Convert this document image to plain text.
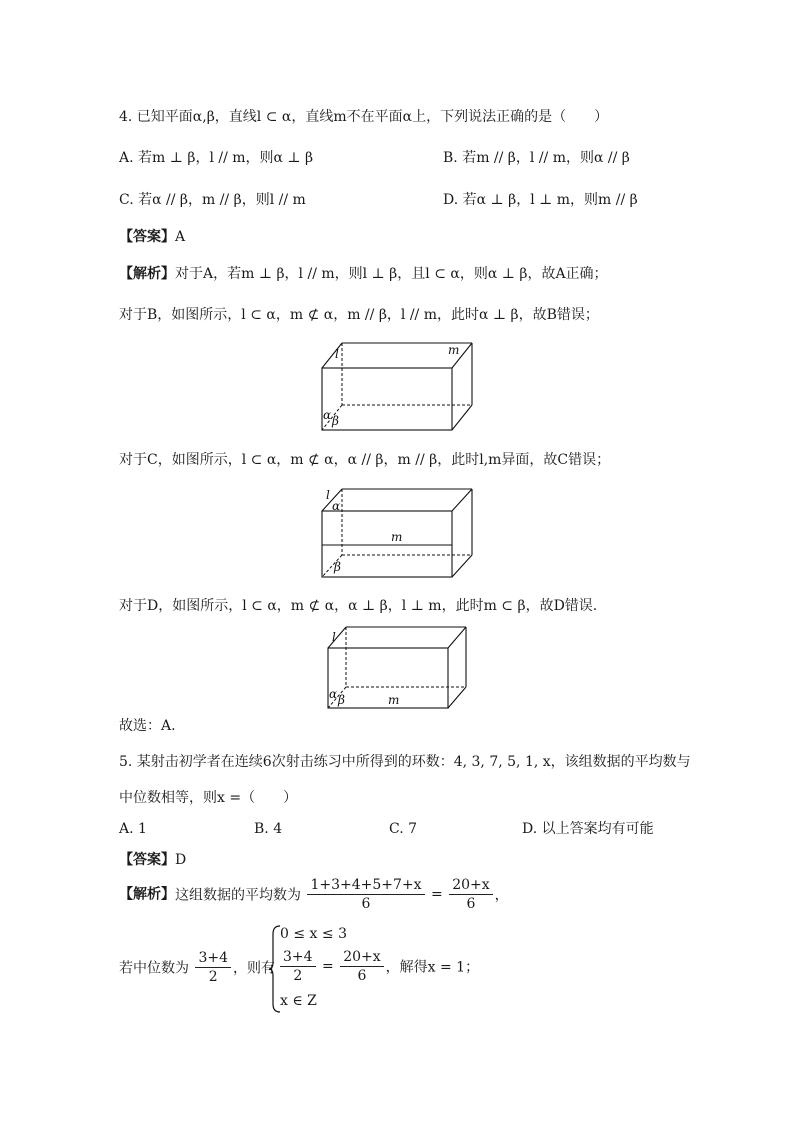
4. 已知平面α,β，直线l ⊂ α，直线m不在平面α上，下列说法正确的是（　　）
A. 若m ⊥ β，l // m，则α ⊥ β	B. 若m // β，l // m，则α // β
C. 若α // β，m // β，则l // m	D. 若α ⊥ β，l ⊥ m，则m // β
【答案】A
【解析】对于A，若m ⊥ β，l // m，则l ⊥ β，且l ⊂ α，则α ⊥ β，故A正确；
对于B，如图所示，l ⊂ α，m ⊄ α，m // β，l // m，此时α ⊥ β，故B错误；
l	m
α β
对于C，如图所示，l ⊂ α，m ⊄ α，α // β，m // β，此时l,m异面，故C错误；
l
α
m
β
对于D，如图所示，l ⊂ α，m ⊄ α，α ⊥ β，l ⊥ m，此时m ⊂ β，故D错误.
l
α β	m
故选：A.
5. 某射击初学者在连续6次射击练习中所得到的环数：4, 3, 7, 5, 1, x，该组数据的平均数与
中位数相等，则x =（　　）
A. 1	B. 4	C. 7	D. 以上答案均有可能
【答案】D
【解析】这组数据的平均数为 $\frac{1+3+4+5+7+x}{6} = \frac{20+x}{6}$ ，
若中位数为 $\frac{3+4}{2}$ ，则有
0 ≤ x ≤ 3
$\frac{3+4}{2} = \frac{20+x}{6}$ ，解得x = 1；
x ∈ Z
